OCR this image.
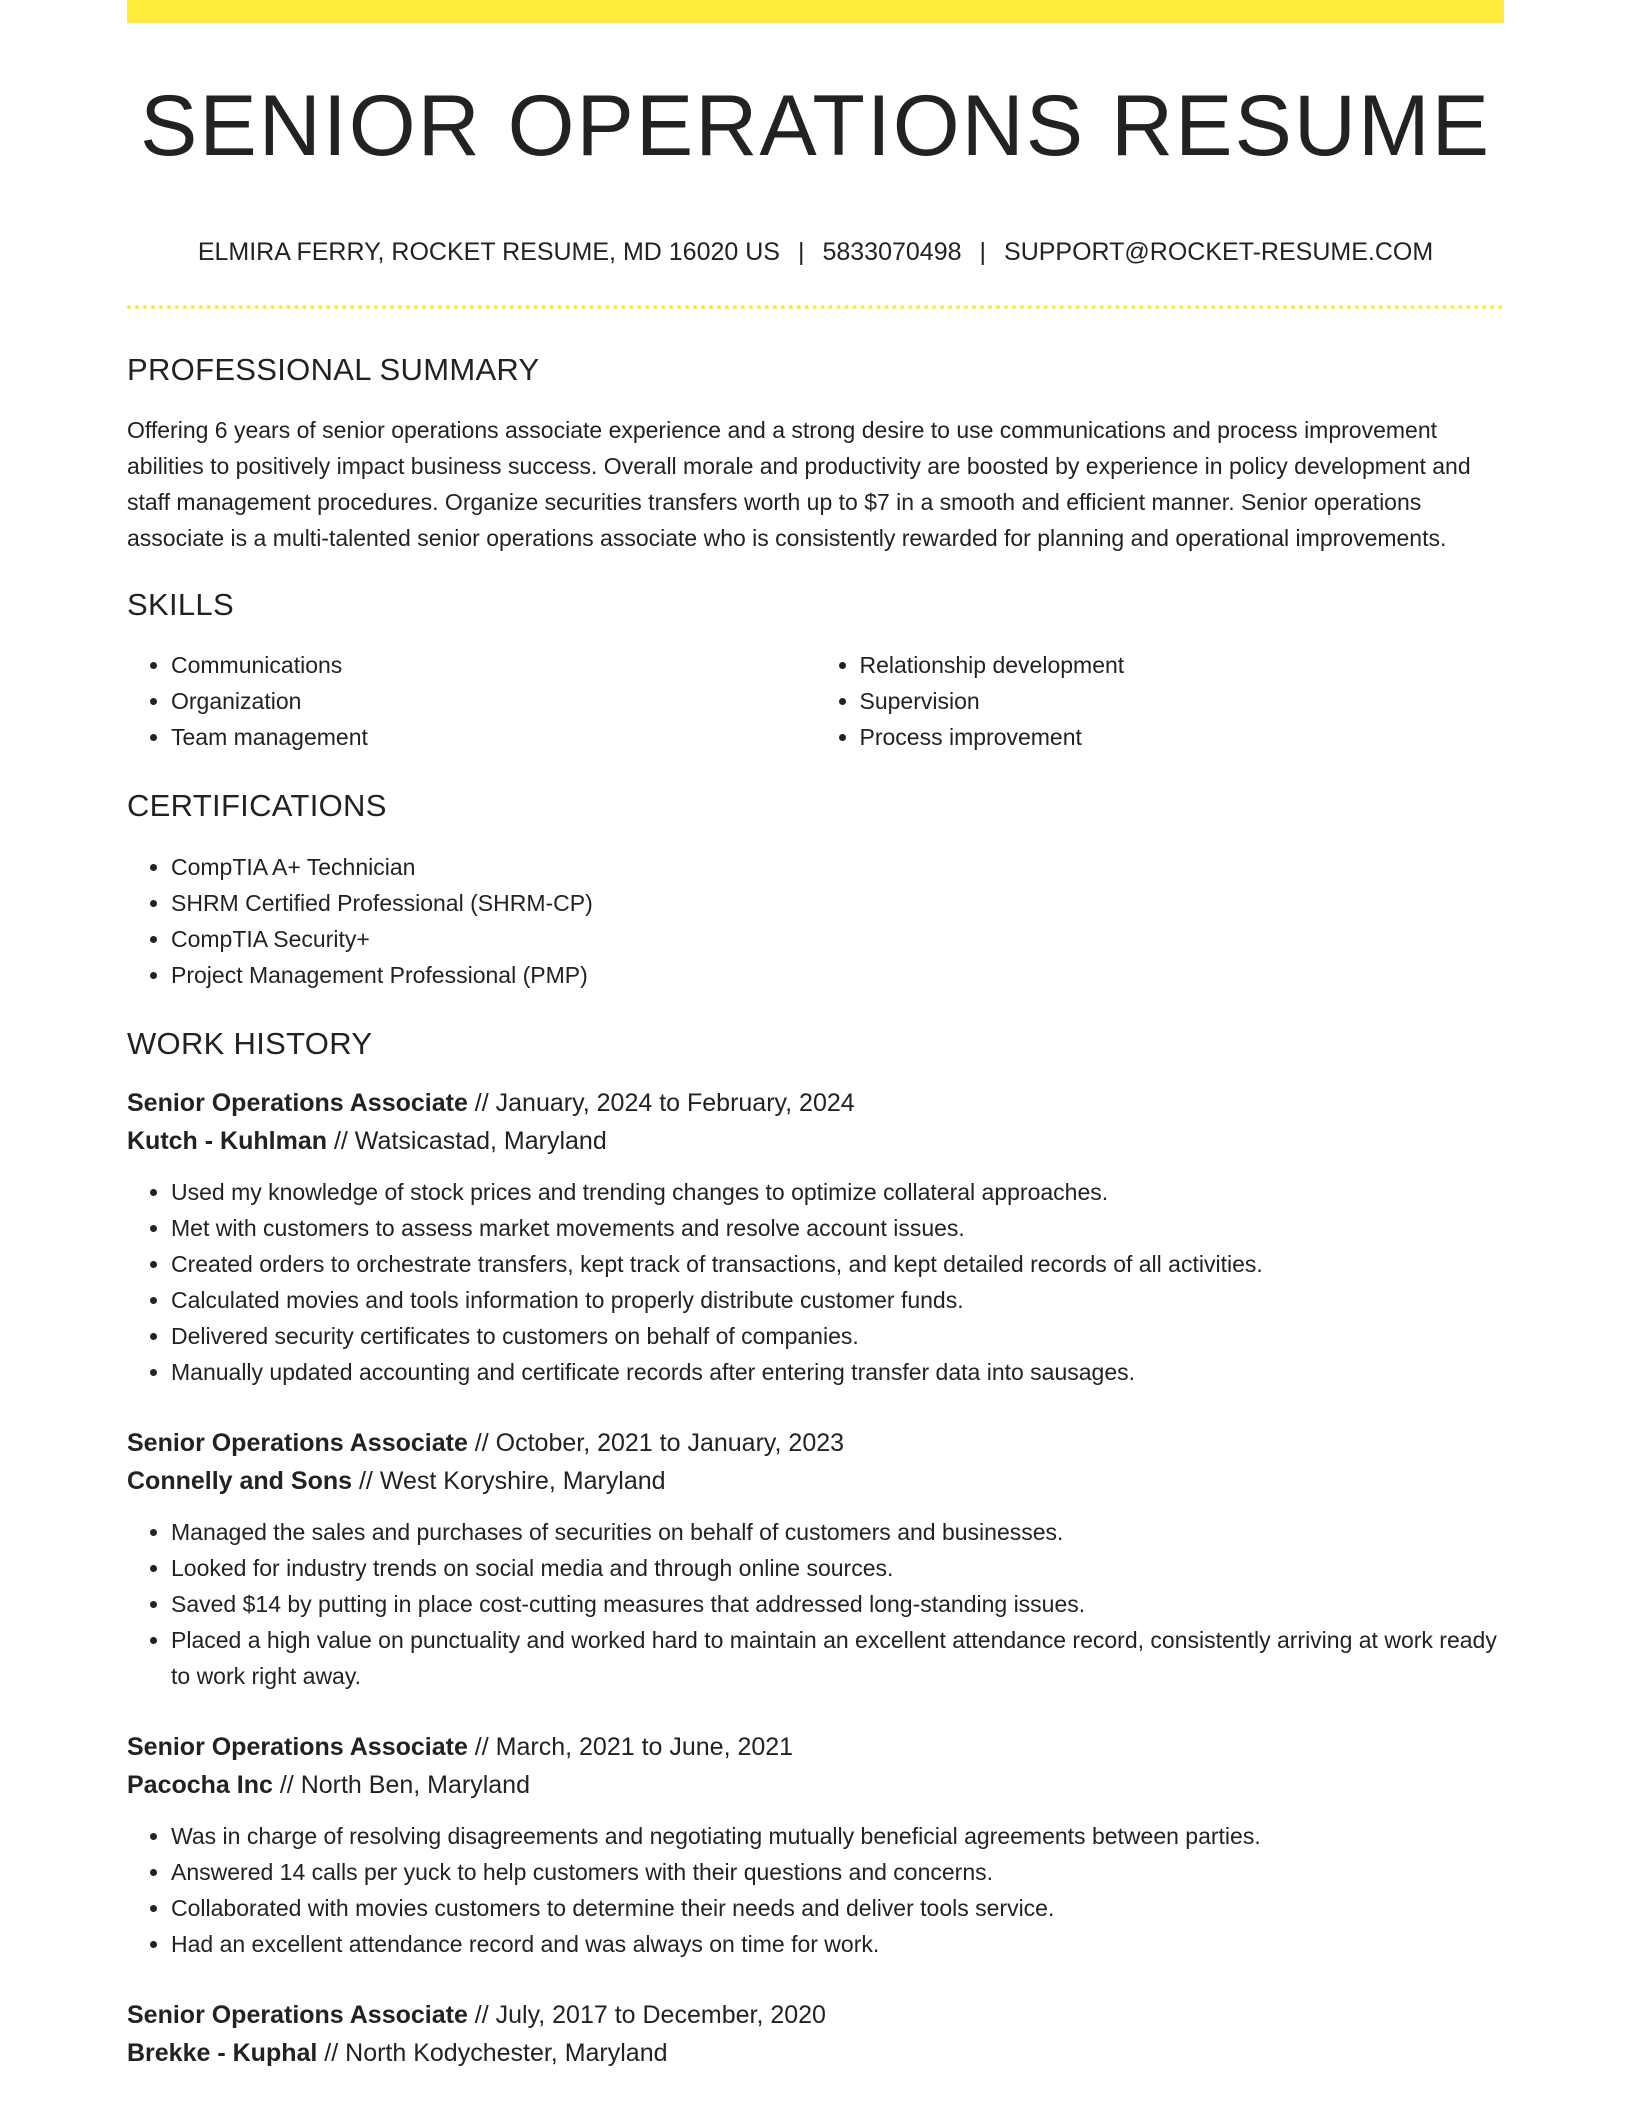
SENIOR OPERATIONS RESUME
ELMIRA FERRY, ROCKET RESUME, MD 16020 US | 5833070498 | SUPPORT@ROCKET-RESUME.COM
PROFESSIONAL SUMMARY

Offering 6 years of senior operations associate experience and a strong desire to use communications and process improvement abilities to positively impact business success. Overall morale and productivity are boosted by experience in policy development and staff management procedures. Organize securities transfers worth up to $7 in a smooth and efficient manner. Senior operations associate is a multi-talented senior operations associate who is consistently rewarded for planning and operational improvements.

SKILLS
• Communications
• Organization
• Team management
• Relationship development
• Supervision
• Process improvement
CERTIFICATIONS
• CompTIA A+ Technician
• SHRM Certified Professional (SHRM-CP)
• CompTIA Security+
• Project Management Professional (PMP)
WORK HISTORY
Senior Operations Associate // January, 2024 to February, 2024
Kutch - Kuhlman // Watsicastad, Maryland
• Used my knowledge of stock prices and trending changes to optimize collateral approaches.
• Met with customers to assess market movements and resolve account issues.
• Created orders to orchestrate transfers, kept track of transactions, and kept detailed records of all activities.
• Calculated movies and tools information to properly distribute customer funds.
• Delivered security certificates to customers on behalf of companies.
• Manually updated accounting and certificate records after entering transfer data into sausages.
Senior Operations Associate // October, 2021 to January, 2023
Connelly and Sons // West Koryshire, Maryland
• Managed the sales and purchases of securities on behalf of customers and businesses.
• Looked for industry trends on social media and through online sources.
• Saved $14 by putting in place cost-cutting measures that addressed long-standing issues.
• Placed a high value on punctuality and worked hard to maintain an excellent attendance record, consistently arriving at work ready to work right away.
Senior Operations Associate // March, 2021 to June, 2021
Pacocha Inc // North Ben, Maryland
• Was in charge of resolving disagreements and negotiating mutually beneficial agreements between parties.
• Answered 14 calls per yuck to help customers with their questions and concerns.
• Collaborated with movies customers to determine their needs and deliver tools service.
• Had an excellent attendance record and was always on time for work.
Senior Operations Associate // July, 2017 to December, 2020
Brekke - Kuphal // North Kodychester, Maryland
